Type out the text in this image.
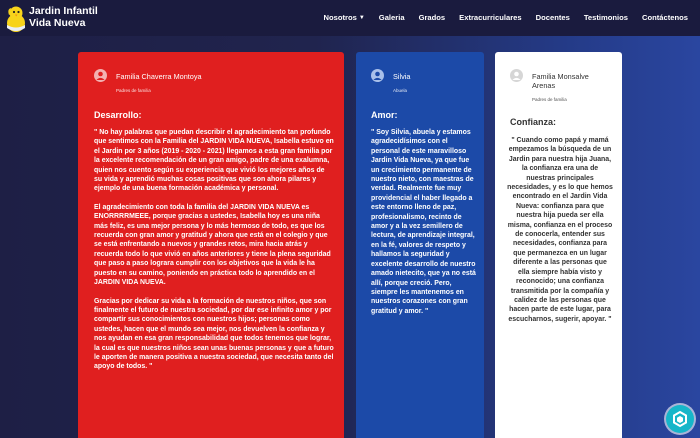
Jardin Infantil
Vida Nueva	Nosotros ▼ Galeria Grados Extracurriculares Docentes Testimonios Contáctenos
Familia Chaverra Montoya
Padres de familia
Desarrollo:

" No hay palabras que puedan describir el agradecimiento tan profundo que sentimos con la Familia del JARDIN VIDA NUEVA, Isabella estuvo en el Jardin por 3 años (2019 - 2020 - 2021) llegamos a esta gran familia por la excelente recomendación de un gran amigo, padre de una exalumna, quien nos cuento según su experiencia que vivió los mejores años de su vida y aprendió muchas cosas positivas que son ahora pilares y ejemplo de una buena formación académica y personal.

El agradecimiento con toda la familia del JARDIN VIDA NUEVA es ENORRRRMEEE, porque gracias a ustedes, Isabella hoy es una niña más feliz, es una mejor persona y lo más hermoso de todo, es que los recuerda con gran amor y gratitud y ahora que está en el colegio y que se está enfrentando a nuevos y grandes retos, mira hacia atrás y recuerda todo lo que vivió en años anteriores y tiene la plena seguridad que paso a paso lograra cumplir con los objetivos que la vida le ha puesto en su camino, poniendo en práctica todo lo aprendido en el JARDIN VIDA NUEVA.

Gracias por dedicar su vida a la formación de nuestros niños, que son finalmente el futuro de nuestra sociedad, por dar ese infinito amor y por compartir sus conocimientos con nuestros hijos; personas como ustedes, hacen que el mundo sea mejor, nos devuelven la confianza y nos ayudan en esa gran responsabilidad que todos tenemos que lograr, la cual es que nuestros niños sean unas buenas personas y que a futuro le aporten de manera positiva a nuestra sociedad, que necesita tanto del apoyo de todos. "

Silvia
Abuela
Amor:

" Soy Silvia, abuela y estamos agradecidísimos con el personal de este maravilloso Jardin Vida Nueva, ya que fue un crecimiento permanente de nuestro nieto, con maestras de verdad. Realmente fue muy providencial el haber llegado a este entorno lleno de paz, profesionalismo, recinto de amor y a la vez semillero de lectura, de aprendizaje integral, en la fé, valores de respeto y hallamos la seguridad y excelente desarrollo de nuestro amado nietecito, que ya no está allí, porque creció. Pero, siempre les mantenemos en nuestros corazones con gran gratitud y amor. "

Familia Monsalve Arenas
Padres de familia
Confianza:

" Cuando como papá y mamá empezamos la búsqueda de un Jardin para nuestra hija Juana, la confianza era una de nuestras principales necesidades, y es lo que hemos encontrado en el Jardin Vida Nueva: confianza para que nuestra hija pueda ser ella misma, confianza en el proceso de conocerla, entender sus necesidades, confianza para que permanezca en un lugar diferente a las personas que ella siempre había visto y reconocido; una confianza transmitida por la compañía y calidez de las personas que hacen parte de este lugar, para escucharnos, sugerir, apoyar. "
